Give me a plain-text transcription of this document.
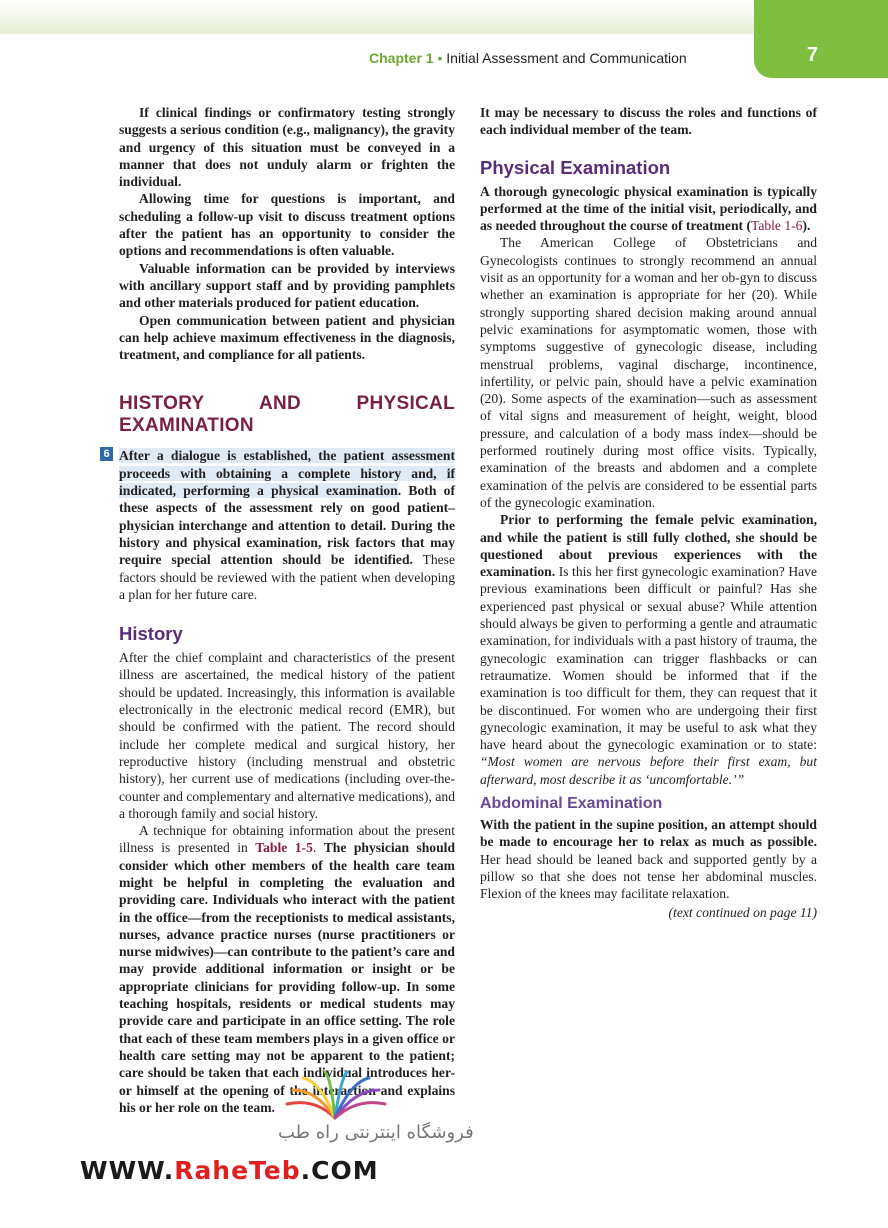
Chapter 1 • Initial Assessment and Communication	7

If clinical findings or confirmatory testing strongly suggests a serious condition (e.g., malignancy), the gravity and urgency of this situation must be conveyed in a manner that does not unduly alarm or frighten the individual.

Allowing time for questions is important, and scheduling a follow-up visit to discuss treatment options after the patient has an opportunity to consider the options and recommendations is often valuable.

Valuable information can be provided by interviews with ancillary support staff and by providing pamphlets and other materials produced for patient education.

Open communication between patient and physician can help achieve maximum effectiveness in the diagnosis, treatment, and compliance for all patients.

HISTORY AND PHYSICAL EXAMINATION

6 After a dialogue is established, the patient assessment proceeds with obtaining a complete history and, if indicated, performing a physical examination. Both of these aspects of the assessment rely on good patient–physician interchange and attention to detail. During the history and physical examination, risk factors that may require special attention should be identified. These factors should be reviewed with the patient when developing a plan for her future care.

History

After the chief complaint and characteristics of the present illness are ascertained, the medical history of the patient should be updated. Increasingly, this information is available electronically in the electronic medical record (EMR), but should be confirmed with the patient. The record should include her complete medical and surgical history, her reproductive history (including menstrual and obstetric history), her current use of medications (including over-the-counter and complementary and alternative medications), and a thorough family and social history.

A technique for obtaining information about the present illness is presented in Table 1-5. The physician should consider which other members of the health care team might be helpful in completing the evaluation and providing care. Individuals who interact with the patient in the office—from the receptionists to medical assistants, nurses, advance practice nurses (nurse practitioners or nurse midwives)—can contribute to the patient’s care and may provide additional information or insight or be appropriate clinicians for providing follow-up. In some teaching hospitals, residents or medical students may provide care and participate in an office setting. The role that each of these team members plays in a given office or health care setting may not be apparent to the patient; care should be taken that each individual introduces her- or himself at the opening of the interaction and explains his or her role on the team.

It may be necessary to discuss the roles and functions of each individual member of the team.

Physical Examination

A thorough gynecologic physical examination is typically performed at the time of the initial visit, periodically, and as needed throughout the course of treatment (Table 1-6).

The American College of Obstetricians and Gynecologists continues to strongly recommend an annual visit as an opportunity for a woman and her ob-gyn to discuss whether an examination is appropriate for her (20). While strongly supporting shared decision making around annual pelvic examinations for asymptomatic women, those with symptoms suggestive of gynecologic disease, including menstrual problems, vaginal discharge, incontinence, infertility, or pelvic pain, should have a pelvic examination (20). Some aspects of the examination—such as assessment of vital signs and measurement of height, weight, blood pressure, and calculation of a body mass index—should be performed routinely during most office visits. Typically, examination of the breasts and abdomen and a complete examination of the pelvis are considered to be essential parts of the gynecologic examination.

Prior to performing the female pelvic examination, and while the patient is still fully clothed, she should be questioned about previous experiences with the examination. Is this her first gynecologic examination? Have previous examinations been difficult or painful? Has she experienced past physical or sexual abuse? While attention should always be given to performing a gentle and atraumatic examination, for individuals with a past history of trauma, the gynecologic examination can trigger flashbacks or can retraumatize. Women should be informed that if the examination is too difficult for them, they can request that it be discontinued. For women who are undergoing their first gynecologic examination, it may be useful to ask what they have heard about the gynecologic examination or to state: “Most women are nervous before their first exam, but afterward, most describe it as ‘uncomfortable.’”

Abdominal Examination

With the patient in the supine position, an attempt should be made to encourage her to relax as much as possible. Her head should be leaned back and supported gently by a pillow so that she does not tense her abdominal muscles. Flexion of the knees may facilitate relaxation.

(text continued on page 11)
فروشگاه اینترنتی راه طب
WWW.RaheTeb.COM
